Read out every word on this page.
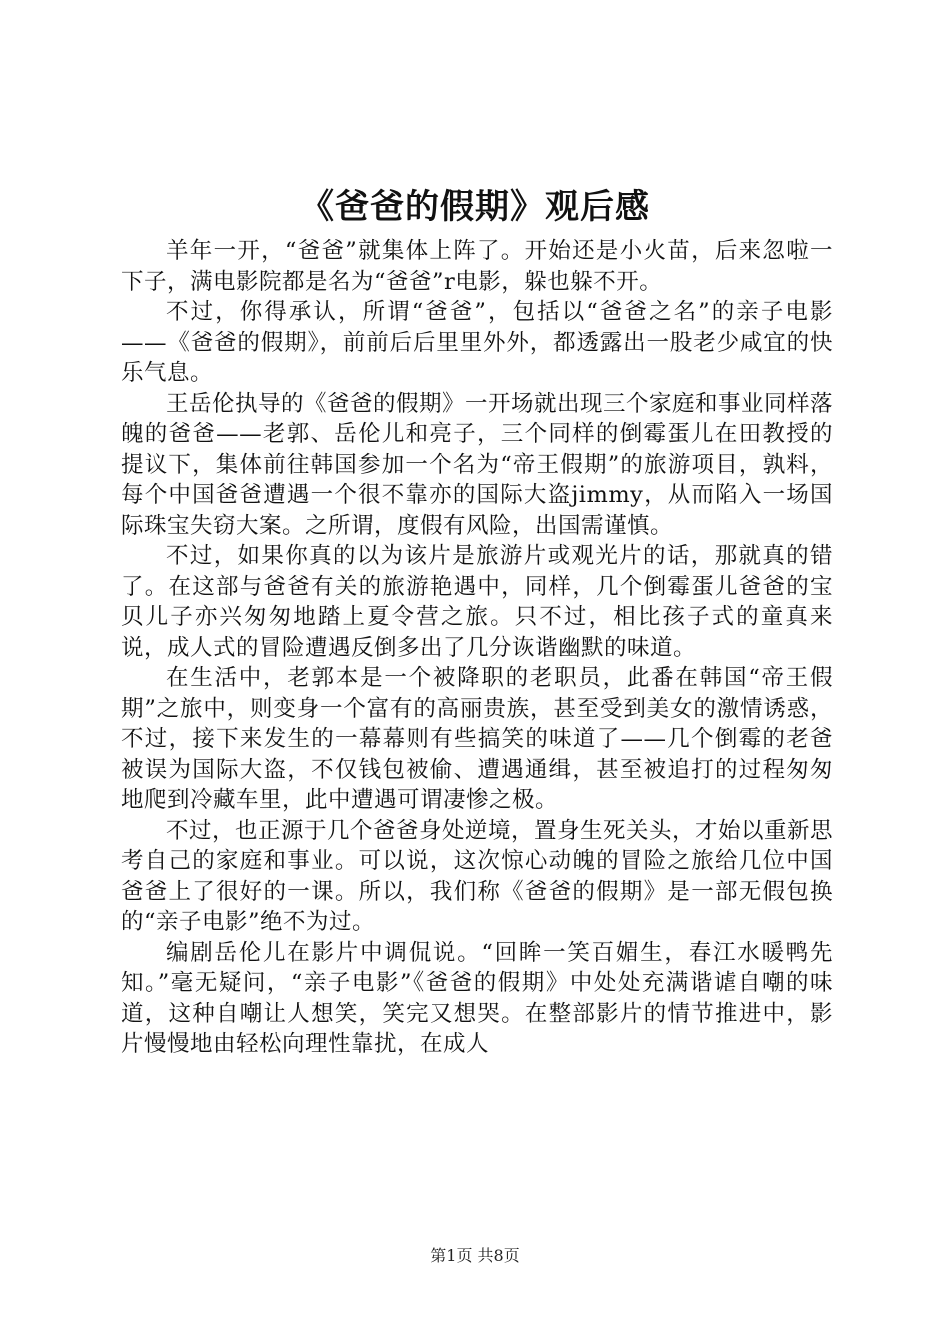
《爸爸的假期》观后感

羊年一开，“爸爸”就集体上阵了。开始还是小火苗，后来忽啦一下子，满电影院都是名为“爸爸”r电影，躲也躲不开。

不过，你得承认，所谓“爸爸”，包括以“爸爸之名”的亲子电影——《爸爸的假期》，前前后后里里外外，都透露出一股老少咸宜的快乐气息。

王岳伦执导的《爸爸的假期》一开场就出现三个家庭和事业同样落魄的爸爸——老郭、岳伦儿和亮子，三个同样的倒霉蛋儿在田教授的提议下，集体前往韩国参加一个名为“帝王假期”的旅游项目，孰料，每个中国爸爸遭遇一个很不靠亦的国际大盗jimmy，从而陷入一场国际珠宝失窃大案。之所谓，度假有风险，出国需谨慎。

不过，如果你真的以为该片是旅游片或观光片的话，那就真的错了。在这部与爸爸有关的旅游艳遇中，同样，几个倒霉蛋儿爸爸的宝贝儿子亦兴匆匆地踏上夏令营之旅。只不过，相比孩子式的童真来说，成人式的冒险遭遇反倒多出了几分诙谐幽默的味道。

在生活中，老郭本是一个被降职的老职员，此番在韩国“帝王假期”之旅中，则变身一个富有的高丽贵族，甚至受到美女的激情诱惑，不过，接下来发生的一幕幕则有些搞笑的味道了——几个倒霉的老爸被误为国际大盗，不仅钱包被偷、遭遇通缉，甚至被追打的过程匆匆地爬到冷藏车里，此中遭遇可谓凄惨之极。

不过，也正源于几个爸爸身处逆境，置身生死关头，才始以重新思考自己的家庭和事业。可以说，这次惊心动魄的冒险之旅给几位中国爸爸上了很好的一课。所以，我们称《爸爸的假期》是一部无假包换的“亲子电影”绝不为过。

编剧岳伦儿在影片中调侃说。“回眸一笑百媚生，春江水暖鸭先知。”毫无疑问，“亲子电影”《爸爸的假期》中处处充满谐谑自嘲的味道，这种自嘲让人想笑，笑完又想哭。在整部影片的情节推进中，影片慢慢地由轻松向理性靠扰，在成人

第1页 共8页
